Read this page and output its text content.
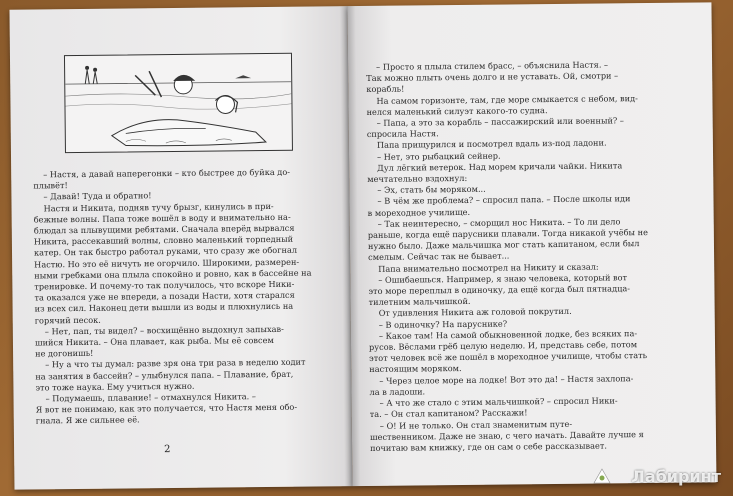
– Настя, а давай наперегонки – кто быстрее до буйка до-

плывёт!

– Давай! Туда и обратно!

Настя и Никита, подняв тучу брызг, кинулись в при-

бежные волны. Папа тоже вошёл в воду и внимательно на-

блюдал за плывущими ребятами. Сначала вперёд вырвался

Никита, рассекавший волны, словно маленький торпедный

катер. Он так быстро работал руками, что сразу же обогнал

Настю. Но это её ничуть не огорчило. Широкими, размерен-

ными гребками она плыла спокойно и ровно, как в бассейне на

тренировке. И почему-то так получилось, что вскоре Ники-

та оказался уже не впереди, а позади Насти, хотя старался

из всех сил. Наконец дети вышли из воды и плюхнулись на

горячий песок.

– Нет, пап, ты видел? – восхищённо выдохнул запыхав-

шийся Никита. – Она плавает, как рыба. Мы её совсем

не догонишь!

– Ну а что ты думал: разве зря она три раза в неделю ходит

на занятия в бассейн? – улыбнулся папа. – Плавание, брат,

это тоже наука. Ему учиться нужно.

– Подумаешь, плавание! – отмахнулся Никита. –

Я вот не понимаю, как это получается, что Настя меня обо-

гнала. Я же сильнее её.

2

– Просто я плыла стилем брасс, – объяснила Настя. –

Так можно плыть очень долго и не уставать. Ой, смотри –

корабль!

На самом горизонте, там, где море смыкается с небом, вид-

нелся маленький силуэт какого-то судна.

– Папа, а это за корабль – пассажирский или военный? –

спросила Настя.

Папа прищурился и посмотрел вдаль из-под ладони.

– Нет, это рыбацкий сейнер.

Дул лёгкий ветерок. Над морем кричали чайки. Никита

мечтательно вздохнул:

– Эх, стать бы моряком...

– В чём же проблема? – спросил папа. – После школы иди

в мореходное училище.

– Так неинтересно, – сморщил нос Никита. – То ли дело

раньше, когда ещё парусники плавали. Тогда никакой учёбы не

нужно было. Даже мальчишка мог стать капитаном, если был

смелым. Сейчас так не бывает...

Папа внимательно посмотрел на Никиту и сказал:

– Ошибаешься. Например, я знаю человека, который вот

это море переплыл в одиночку, да ещё когда был пятнадца-

тилетним мальчишкой.

От удивления Никита аж головой покрутил.

– В одиночку? На паруснике?

– Какое там! На самой обыкновенной лодке, без всяких па-

русов. Вёслами грёб целую неделю. И, представь себе, потом

этот человек всё же пошёл в мореходное училище, чтобы стать

настоящим моряком.

– Через целое море на лодке! Вот это да! – Настя захлопа-

ла в ладоши.

– А что же стало с этим мальчишкой? – спросил Ники-

та. – Он стал капитаном? Расскажи!

– О! И не только. Он стал знаменитым путе-

шественником. Даже не знаю, с чего начать. Давайте лучше я

почитаю вам книжку, где он сам о себе рассказывает.

Лабиринт
